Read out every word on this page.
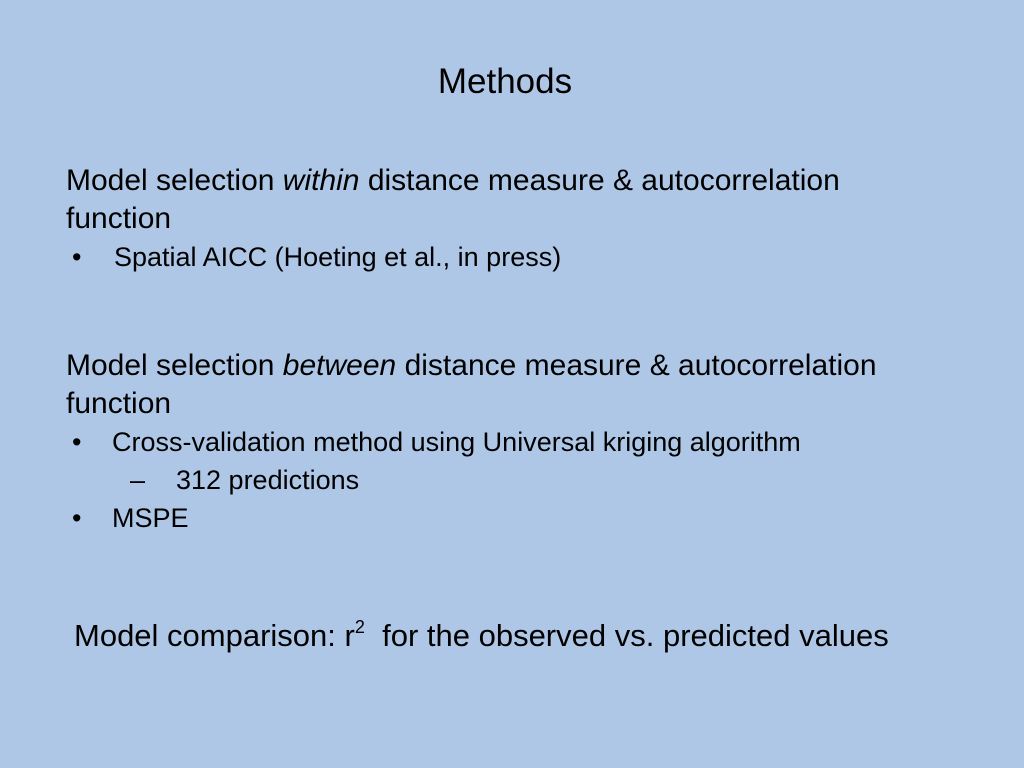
Methods
Model selection within distance measure & autocorrelation
function
• Spatial AICC (Hoeting et al., in press)
Model selection between distance measure & autocorrelation
function
• Cross-validation method using Universal kriging algorithm
– 312 predictions
• MSPE
Model comparison: $r^2$  for the observed vs. predicted values
